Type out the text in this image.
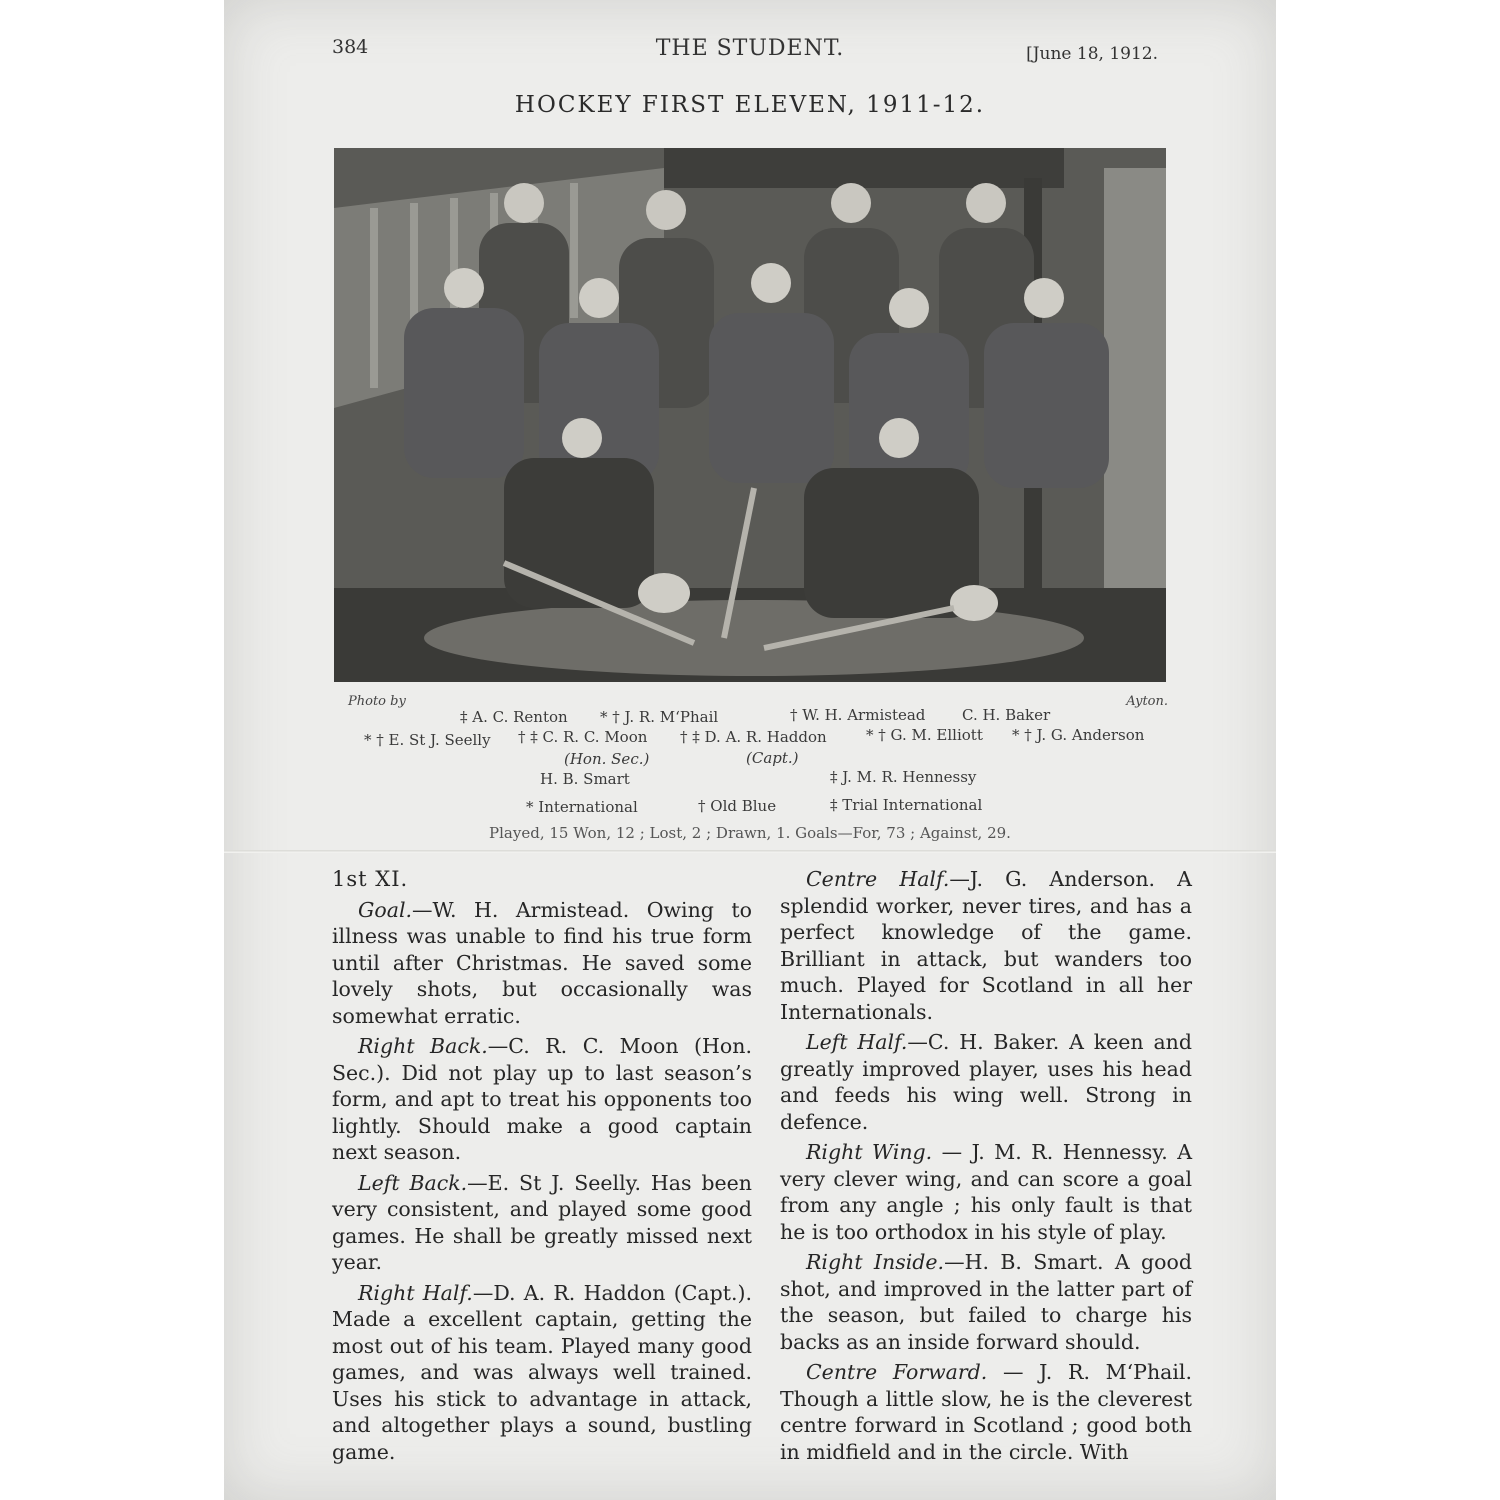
384	THE STUDENT.	[June 18, 1912.
HOCKEY FIRST ELEVEN, 1911-12.
Photo by	Ayton.
‡ A. C. Renton * † J. R. M‘Phail	† W. H. Armistead C. H. Baker
* † E. St J. Seelly † ‡ C. R. C. Moon † ‡ D. A. R. Haddon	* † G. M. Elliott * † J. G. Anderson
(Hon. Sec.)	(Capt.)
H. B. Smart	‡ J. M. R. Hennessy
* International	† Old Blue	‡ Trial International
Played, 15 Won, 12 ; Lost, 2 ; Drawn, 1. Goals—For, 73 ; Against, 29.

1st XI.

Goal.—W. H. Armistead. Owing to illness was unable to find his true form until after Christmas. He saved some lovely shots, but occasionally was somewhat erratic.

Right Back.—C. R. C. Moon (Hon. Sec.). Did not play up to last season’s form, and apt to treat his opponents too lightly. Should make a good captain next season.

Left Back.—E. St J. Seelly. Has been very consistent, and played some good games. He shall be greatly missed next year.

Right Half.—D. A. R. Haddon (Capt.). Made a excellent captain, getting the most out of his team. Played many good games, and was always well trained. Uses his stick to advantage in attack, and altogether plays a sound, bustling game.

Centre Half.—J. G. Anderson. A splendid worker, never tires, and has a perfect knowledge of the game. Brilliant in attack, but wanders too much. Played for Scotland in all her Internationals.

Left Half.—C. H. Baker. A keen and greatly improved player, uses his head and feeds his wing well. Strong in defence.

Right Wing. — J. M. R. Hennessy. A very clever wing, and can score a goal from any angle ; his only fault is that he is too orthodox in his style of play.

Right Inside.—H. B. Smart. A good shot, and improved in the latter part of the season, but failed to charge his backs as an inside forward should.

Centre Forward. — J. R. M‘Phail. Though a little slow, he is the cleverest centre forward in Scotland ; good both in midfield and in the circle. With
